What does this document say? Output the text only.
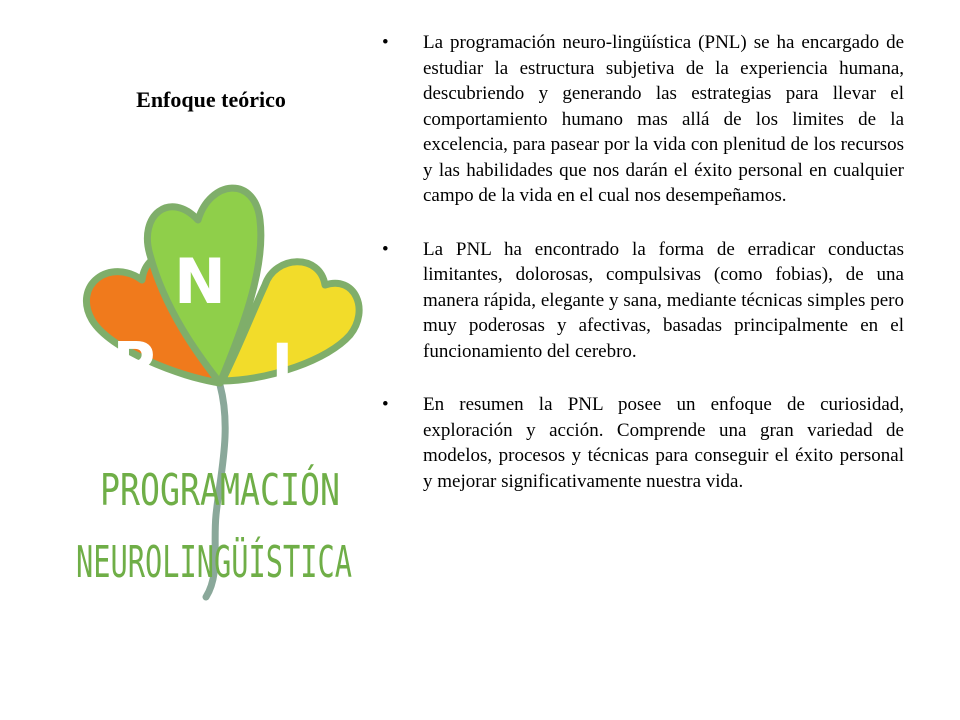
Enfoque teórico
N
P L
PROGRAMACIÓN
NEUROLINGÜÍSTICA
• La programación neuro-lingüística (PNL) se ha encargado de estudiar la estructura subjetiva de la experiencia humana, descubriendo y generando las estrategias para llevar el comportamiento humano mas allá de los limites de la excelencia, para pasear por la vida con plenitud de los recursos y las habilidades que nos darán el éxito personal en cualquier campo de la vida en el cual nos desempeñamos.
• La PNL ha encontrado la forma de erradicar conductas limitantes, dolorosas, compulsivas (como fobias), de una manera rápida, elegante y sana, mediante técnicas simples pero muy poderosas y afectivas, basadas principalmente en el funcionamiento del cerebro.
• En resumen la PNL posee un enfoque de curiosidad, exploración y acción. Comprende una gran variedad de modelos, procesos y técnicas para conseguir el éxito personal y mejorar significativamente nuestra vida.
